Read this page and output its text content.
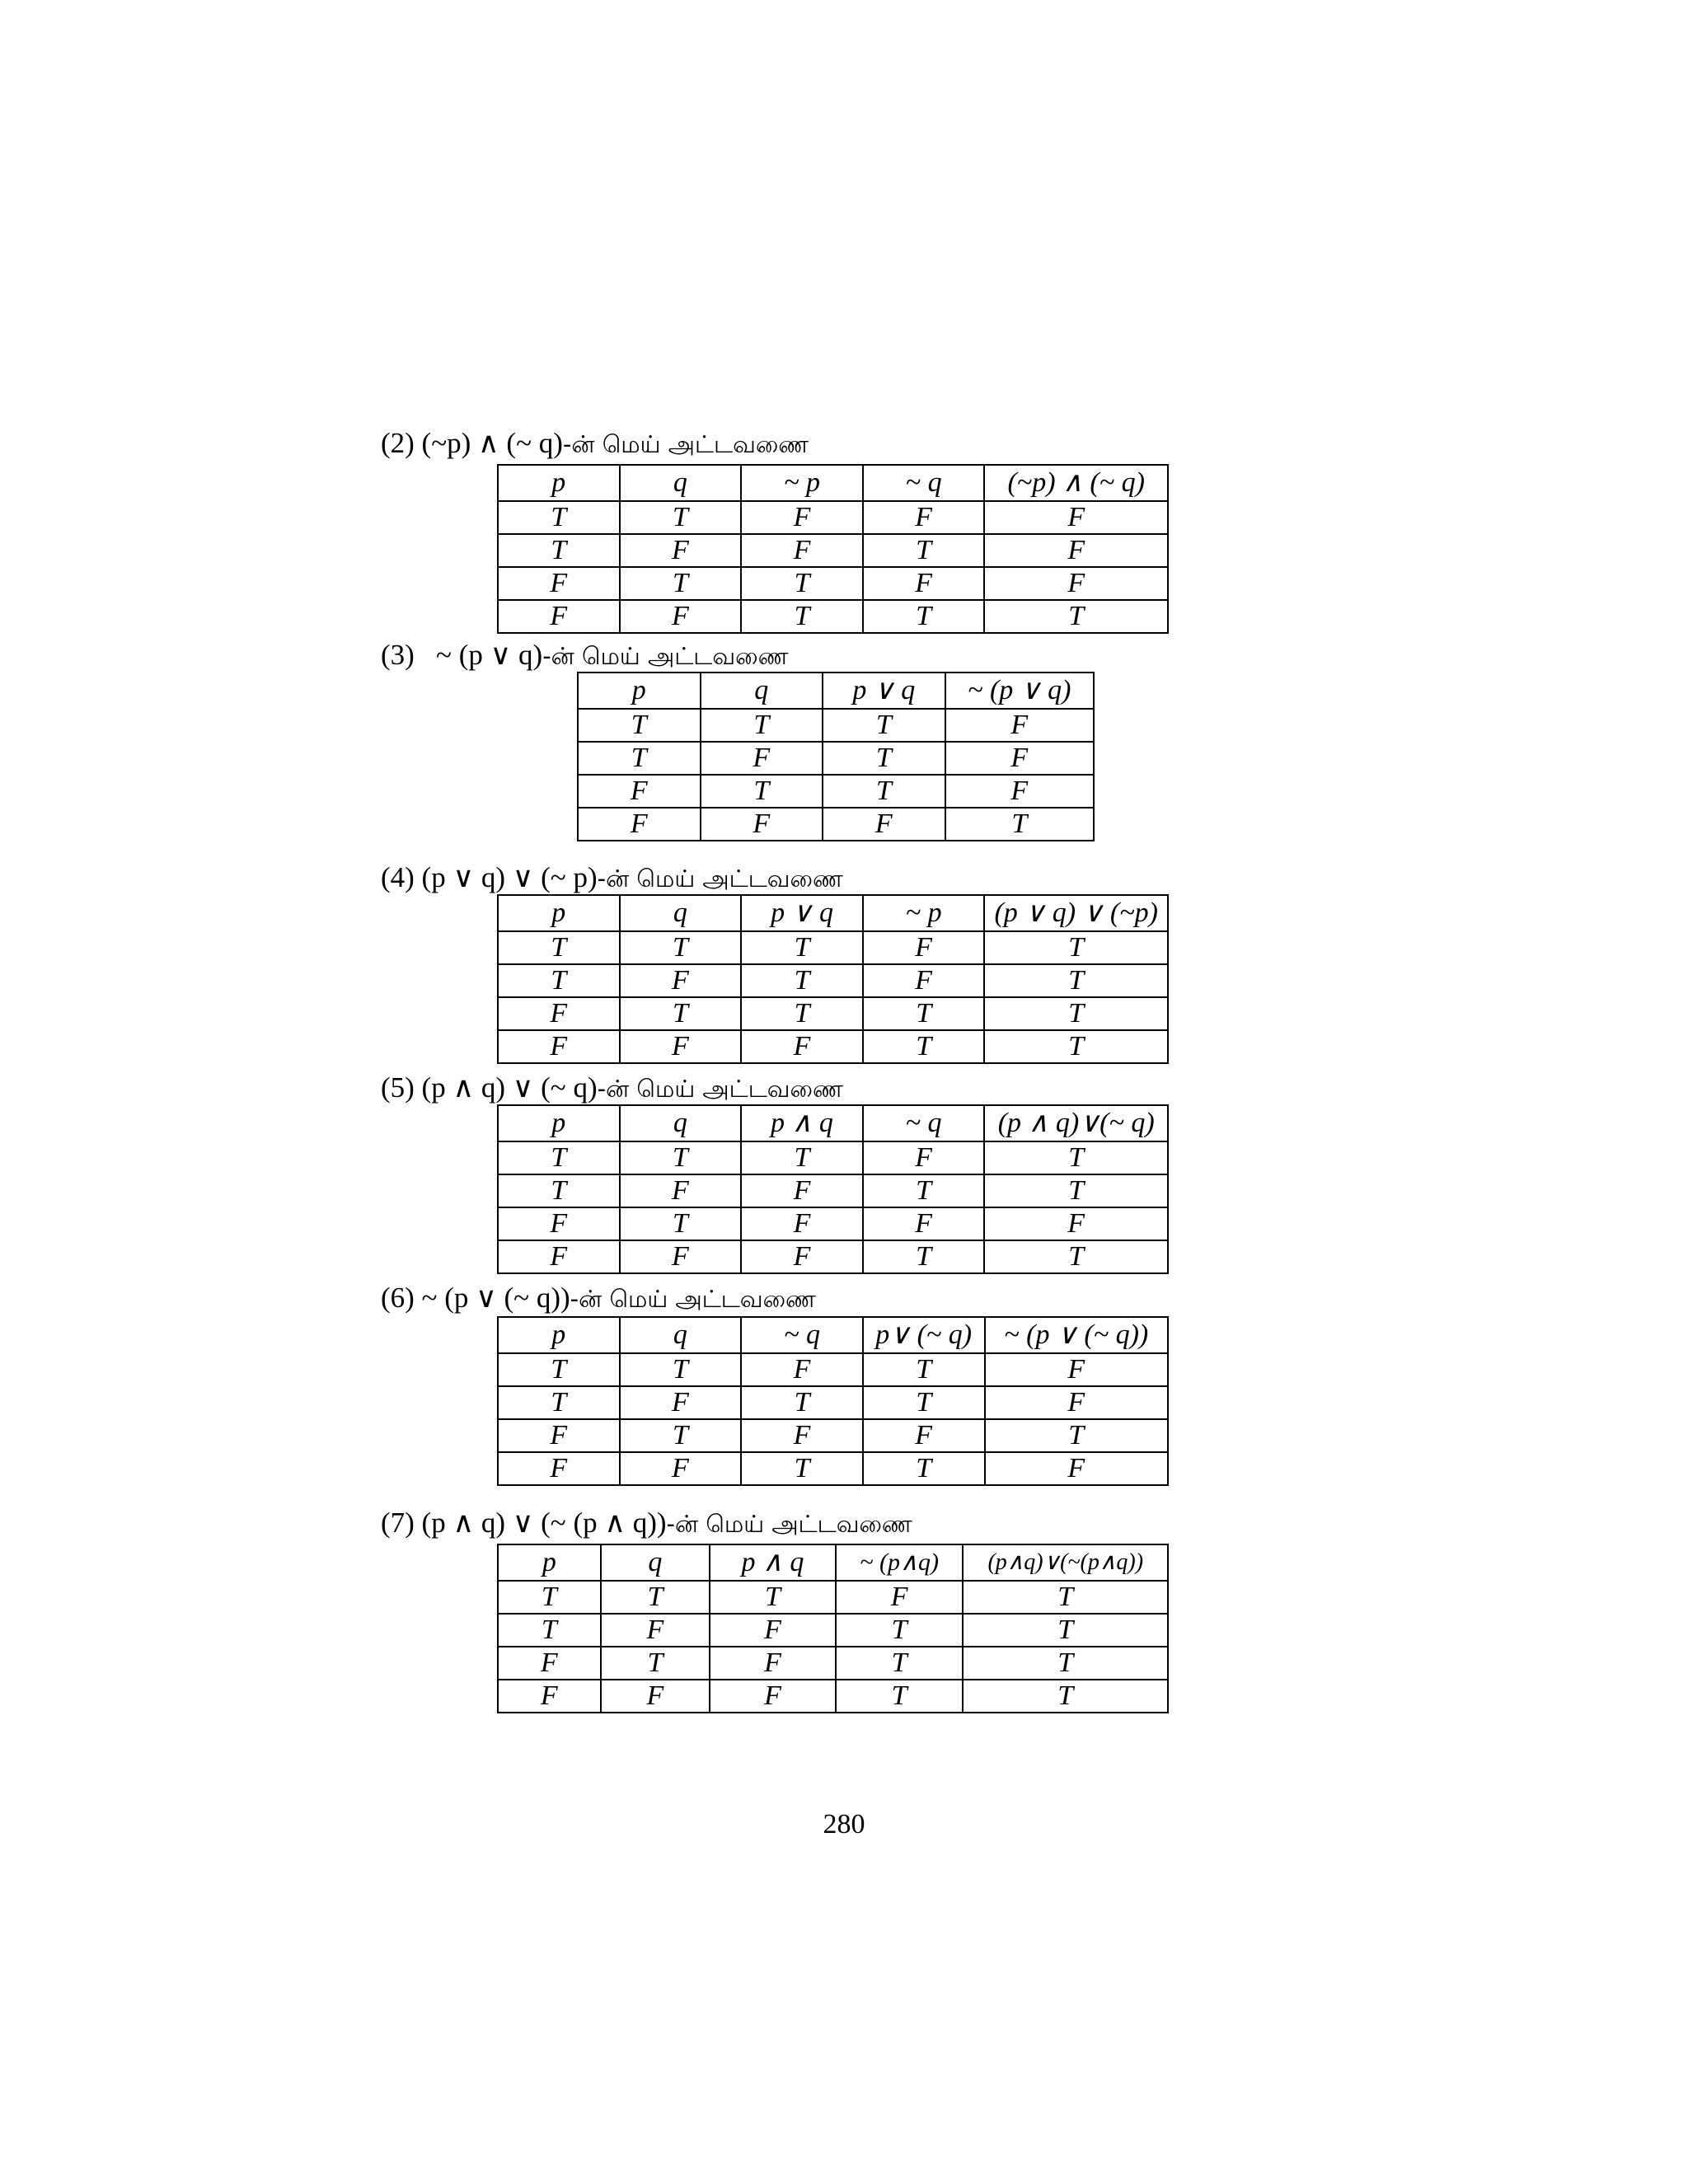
(2) (~p) ∧ (~ q)-ன் மெய் அட்டவணை
p	q	~ p	~ q	(~p) ∧ (~ q)
T	T	F	F	F
T	F	F	T	F
F	T	T	F	F
F	F	T	T	T
(3)   ~ (p ∨ q)-ன் மெய் அட்டவணை
p	q	p ∨ q	~ (p ∨ q)
T	T	T	F
T	F	T	F
F	T	T	F
F	F	F	T
(4) (p ∨ q) ∨ (~ p)-ன் மெய் அட்டவணை
p	q	p ∨ q	~ p	(p ∨ q) ∨ (~p)
T	T	T	F	T
T	F	T	F	T
F	T	T	T	T
F	F	F	T	T
(5) (p ∧ q) ∨ (~ q)-ன் மெய் அட்டவணை
p	q	p ∧ q	~ q	(p ∧ q)∨(~ q)
T	T	T	F	T
T	F	F	T	T
F	T	F	F	F
F	F	F	T	T
(6) ~ (p ∨ (~ q))-ன் மெய் அட்டவணை
p	q	~ q	p∨ (~ q)	~ (p ∨ (~ q))
T	T	F	T	F
T	F	T	T	F
F	T	F	F	T
F	F	T	T	F
(7) (p ∧ q) ∨ (~ (p ∧ q))-ன் மெய் அட்டவணை
p	q	p ∧ q	~ (p∧q)	(p∧q)∨(~(p∧q))
T	T	T	F	T
T	F	F	T	T
F	T	F	T	T
F	F	F	T	T
280
